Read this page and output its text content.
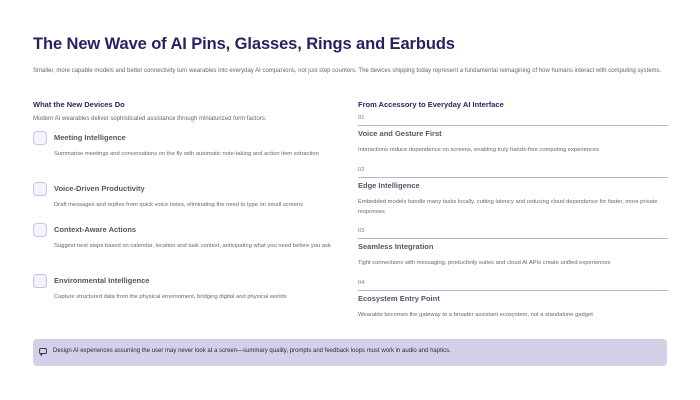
The New Wave of AI Pins, Glasses, Rings and Earbuds

Smaller, more capable models and better connectivity turn wearables into everyday AI companions, not just step counters. The devices shipping today represent a fundamental reimagining of how humans interact with computing systems.

What the New Devices Do
Modern AI wearables deliver sophisticated assistance through miniaturized form factors:
Meeting Intelligence
Summarise meetings and conversations on the fly with automatic note-taking and action item extraction
Voice-Driven Productivity
Draft messages and replies from quick voice notes, eliminating the need to type on small screens
Context-Aware Actions
Suggest next steps based on calendar, location and task context, anticipating what you need before you ask
Environmental Intelligence
Capture structured data from the physical environment, bridging digital and physical worlds
From Accessory to Everyday AI Interface
01
Voice and Gesture First
Interactions reduce dependence on screens, enabling truly hands-free computing experiences
02
Edge Intelligence
Embedded models handle many tasks locally, cutting latency and reducing cloud dependence for faster, more private responses
03
Seamless Integration
Tight connections with messaging, productivity suites and cloud AI APIs create unified experiences
04
Ecosystem Entry Point
Wearable becomes the gateway to a broader assistant ecosystem, not a standalone gadget
Design AI experiences assuming the user may never look at a screen—summary quality, prompts and feedback loops must work in audio and haptics.
